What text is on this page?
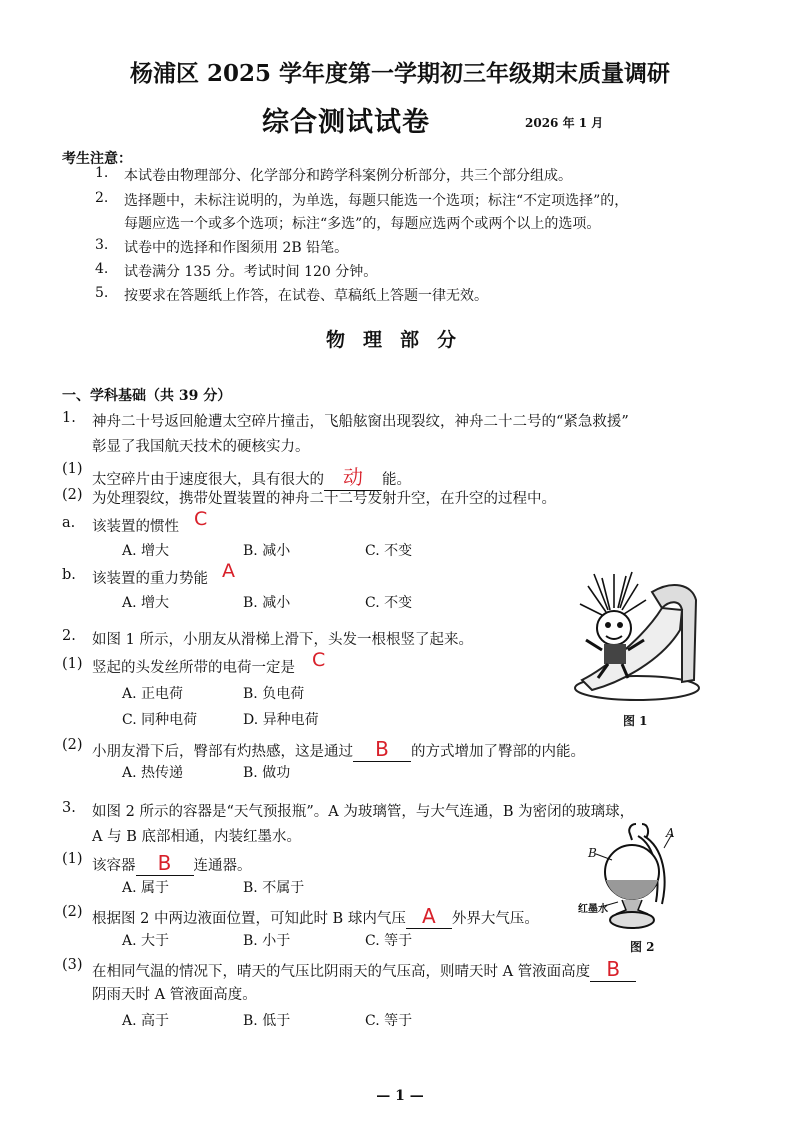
杨浦区 2025 学年度第一学期初三年级期末质量调研
综合测试试卷	2026 年 1 月
考生注意：
1. 本试卷由物理部分、化学部分和跨学科案例分析部分，共三个部分组成。
2. 选择题中，未标注说明的，为单选，每题只能选一个选项；标注“不定项选择”的，
每题应选一个或多个选项；标注“多选”的，每题应选两个或两个以上的选项。
3. 试卷中的选择和作图须用 2B 铅笔。
4. 试卷满分 135 分。考试时间 120 分钟。
5. 按要求在答题纸上作答，在试卷、草稿纸上答题一律无效。
物理部分
一、学科基础（共 39 分）
1. 神舟二十号返回舱遭太空碎片撞击，飞船舷窗出现裂纹，神舟二十二号的“紧急救援”
彰显了我国航天技术的硬核实力。
(1)
太空碎片由于速度很大，具有很大的 动 能。
(2) 为处理裂纹，携带处置装置的神舟二十二号发射升空，在升空的过程中。
a. 该装置的惯性 C
A. 增大	B. 减小	C. 不变
b. 该装置的重力势能 A
A. 增大	B. 减小	C. 不变
图 1
2. 如图 1 所示，小朋友从滑梯上滑下，头发一根根竖了起来。
(1) 竖起的头发丝所带的电荷一定是 C
A. 正电荷	B. 负电荷
C. 同种电荷	D. 异种电荷
(2) 小朋友滑下后，臀部有灼热感，这是通过 B 的方式增加了臀部的内能。
A. 热传递	B. 做功
3. 如图 2 所示的容器是“天气预报瓶”。A 为玻璃管，与大气连通，B 为密闭的玻璃球，
A 与 B 底部相通，内装红墨水。
(1) 该容器 B 连通器。
A. 属于	B. 不属于
(2) 根据图 2 中两边液面位置，可知此时 B 球内气压 A 外界大气压。
A. 大于	B. 小于	C. 等于
(3) 在相同气温的情况下，晴天的气压比阴雨天的气压高，则晴天时 A 管液面高度 B
阴雨天时 A 管液面高度。
A. 高于	B. 低于	C. 等于
A
B
红墨水
图 2
— 1 —
